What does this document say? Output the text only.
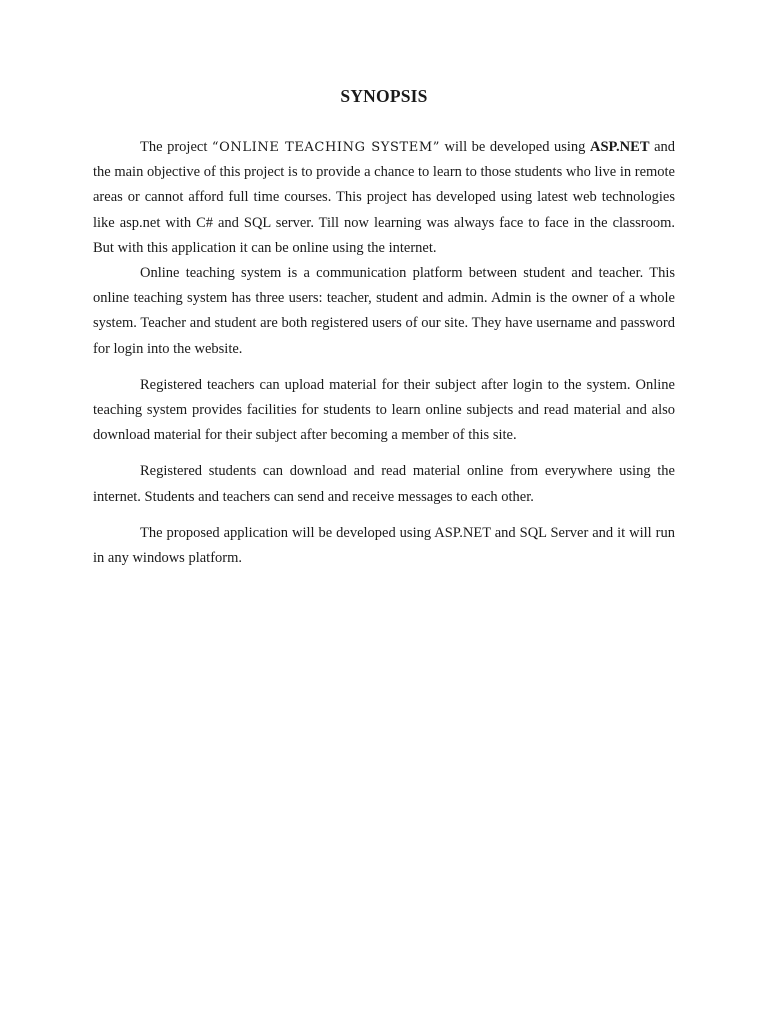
SYNOPSIS

The project “ONLINE TEACHING SYSTEM” will be developed using ASP.NET and the main objective of this project is to provide a chance to learn to those students who live in remote areas or cannot afford full time courses. This project has developed using latest web technologies like asp.net with C# and SQL server. Till now learning was always face to face in the classroom. But with this application it can be online using the internet.

Online teaching system is a communication platform between student and teacher. This online teaching system has three users: teacher, student and admin. Admin is the owner of a whole system. Teacher and student are both registered users of our site. They have username and password for login into the website.

Registered teachers can upload material for their subject after login to the system. Online teaching system provides facilities for students to learn online subjects and read material and also download material for their subject after becoming a member of this site.

Registered students can download and read material online from everywhere using the internet. Students and teachers can send and receive messages to each other.

The proposed application will be developed using ASP.NET and SQL Server and it will run in any windows platform.
